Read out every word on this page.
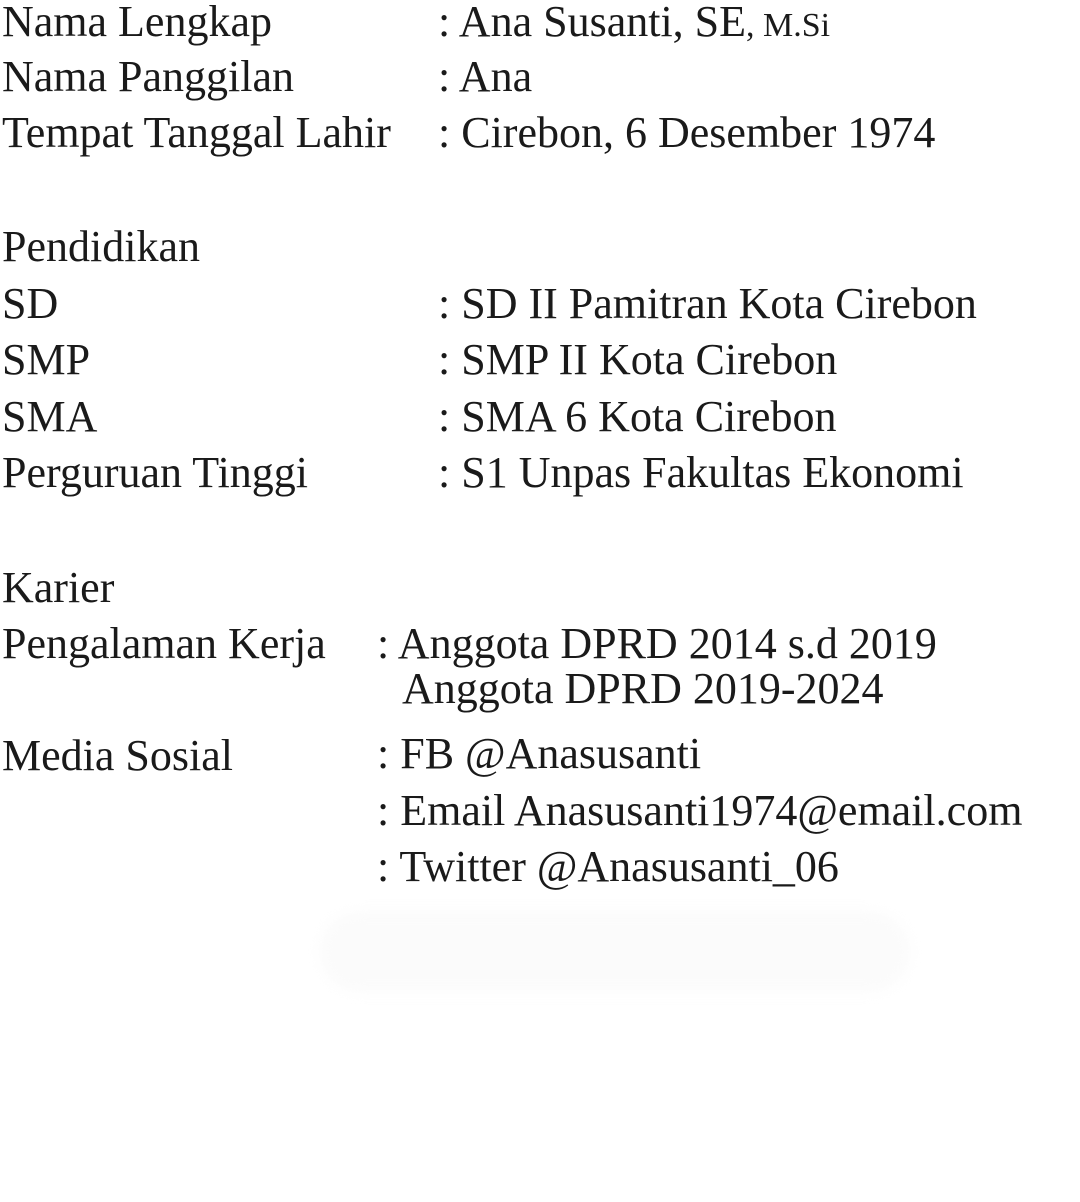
Nama Lengkap	: Ana Susanti, SE, M.Si
Nama Panggilan	: Ana
Tempat Tanggal Lahir : Cirebon, 6 Desember 1974
Pendidikan
SD	: SD II Pamitran Kota Cirebon
SMP	: SMP II Kota Cirebon
SMA	: SMA 6 Kota Cirebon
Perguruan Tinggi	: S1 Unpas Fakultas Ekonomi
Karier
Pengalaman Kerja : Anggota DPRD 2014 s.d 2019
Anggota DPRD 2019-2024
Media Sosial	: FB @Anasusanti
: Email Anasusanti1974@email.com
: Twitter @Anasusanti_06
